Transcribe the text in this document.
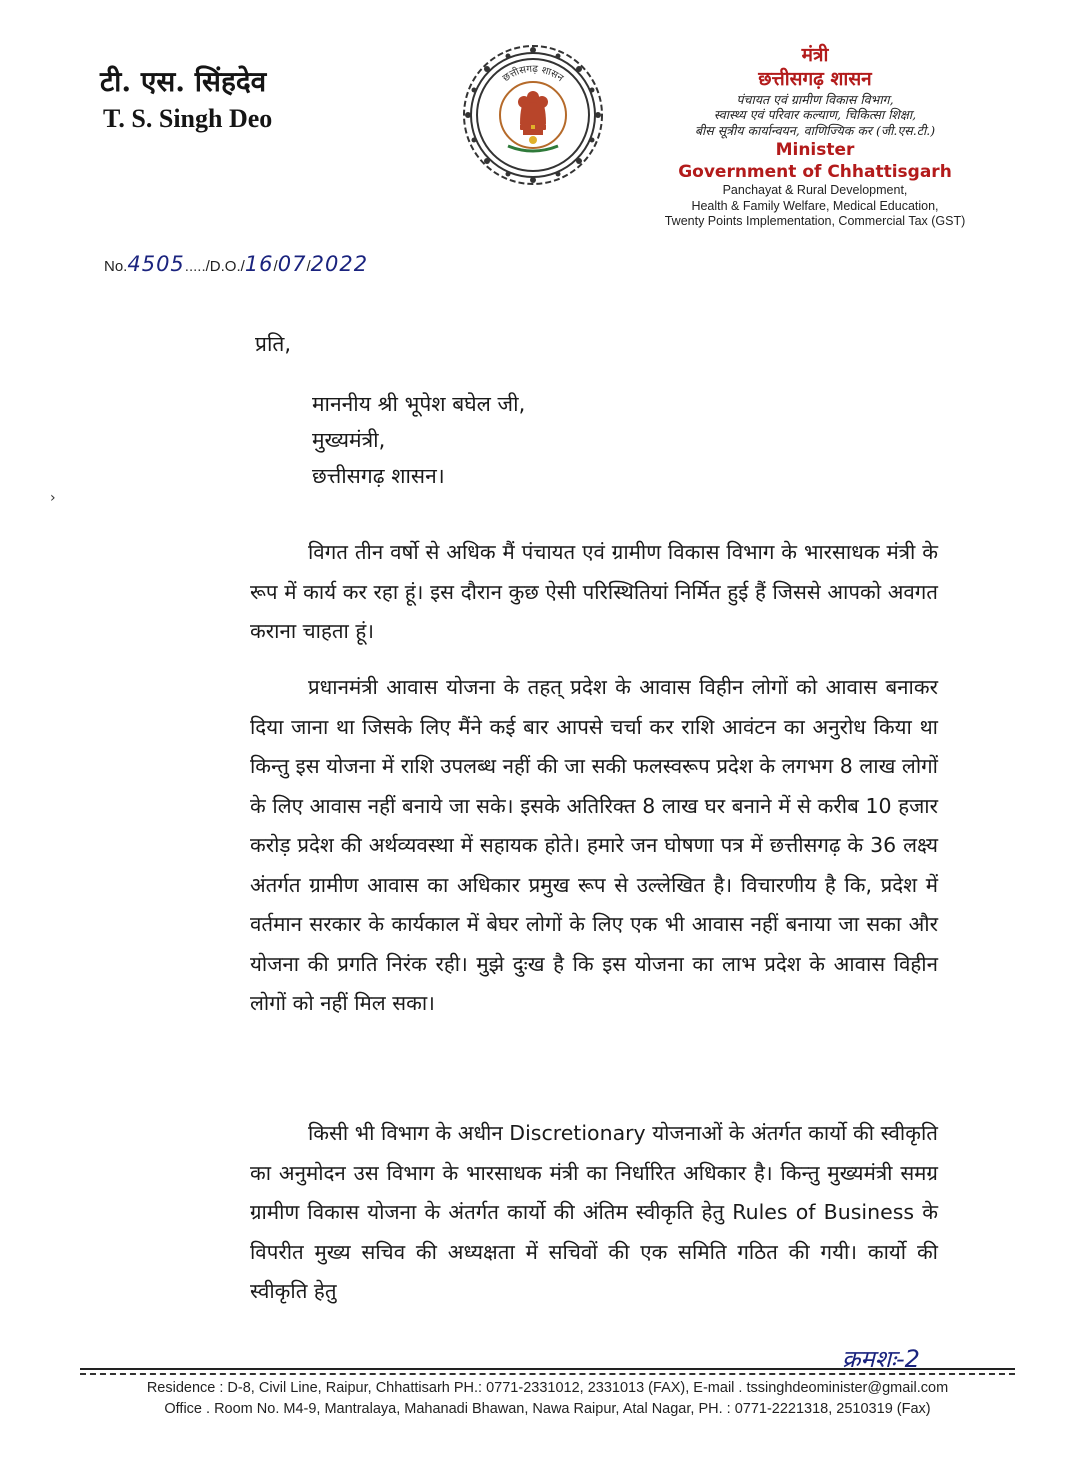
टी. एस. सिंहदेव
T. S. Singh Deo
छत्तीसगढ़ शासन
मंत्री
छत्तीसगढ़ शासन
पंचायत एवं ग्रामीण विकास विभाग,
स्वास्थ्य एवं परिवार कल्याण, चिकित्सा शिक्षा,
बीस सूत्रीय कार्यान्वयन, वाणिज्यिक कर (जी.एस.टी.)
Minister
Government of Chhattisgarh
Panchayat & Rural Development,
Health & Family Welfare, Medical Education,
Twenty Points Implementation, Commercial Tax (GST)
No.4505...../D.O./16/07/2022
›
प्रति,
माननीय श्री भूपेश बघेल जी,
मुख्यमंत्री,
छत्तीसगढ़ शासन।
विगत तीन वर्षो से अधिक मैं पंचायत एवं ग्रामीण विकास विभाग के भारसाधक मंत्री के रूप में कार्य कर रहा हूं। इस दौरान कुछ ऐसी परिस्थितियां निर्मित हुई हैं जिससे आपको अवगत कराना चाहता हूं।
प्रधानमंत्री आवास योजना के तहत् प्रदेश के आवास विहीन लोगों को आवास बनाकर दिया जाना था जिसके लिए मैंने कई बार आपसे चर्चा कर राशि आवंटन का अनुरोध किया था किन्तु इस योजना में राशि उपलब्ध नहीं की जा सकी फलस्वरूप प्रदेश के लगभग 8 लाख लोगों के लिए आवास नहीं बनाये जा सके। इसके अतिरिक्त 8 लाख घर बनाने में से करीब 10 हजार करोड़ प्रदेश की अर्थव्यवस्था में सहायक होते। हमारे जन घोषणा पत्र में छत्तीसगढ़ के 36 लक्ष्य अंतर्गत ग्रामीण आवास का अधिकार प्रमुख रूप से उल्लेखित है। विचारणीय है कि, प्रदेश में वर्तमान सरकार के कार्यकाल में बेघर लोगों के लिए एक भी आवास नहीं बनाया जा सका और योजना की प्रगति निरंक रही। मुझे दुःख है कि इस योजना का लाभ प्रदेश के आवास विहीन लोगों को नहीं मिल सका।
किसी भी विभाग के अधीन Discretionary योजनाओं के अंतर्गत कार्यो की स्वीकृति का अनुमोदन उस विभाग के भारसाधक मंत्री का निर्धारित अधिकार है। किन्तु मुख्यमंत्री समग्र ग्रामीण विकास योजना के अंतर्गत कार्यो की अंतिम स्वीकृति हेतु Rules of Business के विपरीत मुख्य सचिव की अध्यक्षता में सचिवों की एक समिति गठित की गयी। कार्यो की स्वीकृति हेतु
क्रमशः-2
Residence : D-8, Civil Line, Raipur, Chhattisarh PH.: 0771-2331012, 2331013 (FAX), E-mail . tssinghdeominister@gmail.com
Office . Room No. M4-9, Mantralaya, Mahanadi Bhawan, Nawa Raipur, Atal Nagar, PH. : 0771-2221318, 2510319 (Fax)
